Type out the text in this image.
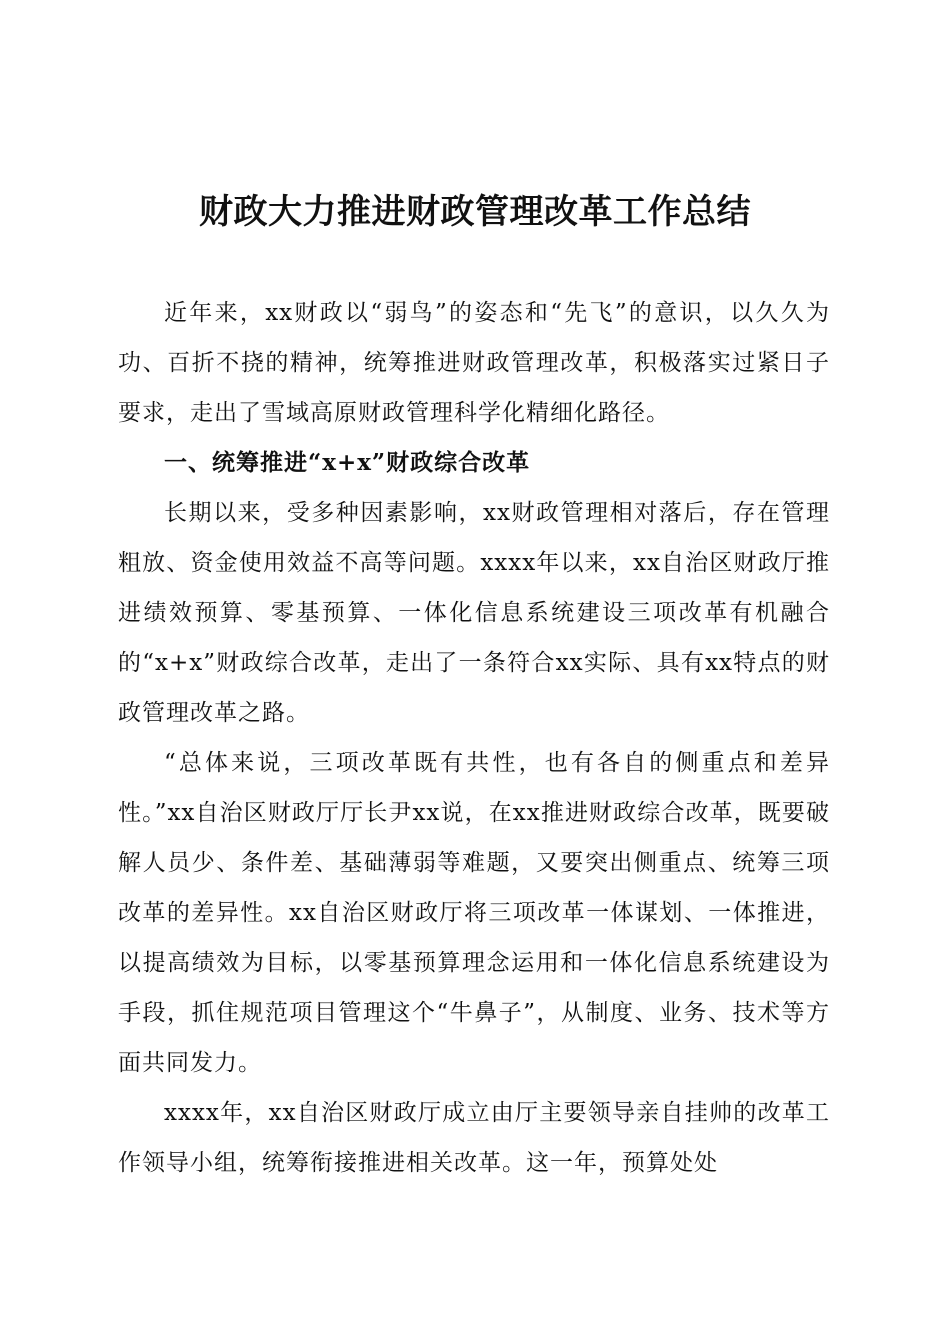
财政大力推进财政管理改革工作总结

近年来，xx财政以“弱鸟”的姿态和“先飞”的意识，以久久为功、百折不挠的精神，统筹推进财政管理改革，积极落实过紧日子要求，走出了雪域高原财政管理科学化精细化路径。

一、统筹推进“x+x”财政综合改革

长期以来，受多种因素影响，xx财政管理相对落后，存在管理粗放、资金使用效益不高等问题。xxxx年以来，xx自治区财政厅推进绩效预算、零基预算、一体化信息系统建设三项改革有机融合的“x+x”财政综合改革，走出了一条符合xx实际、具有xx特点的财政管理改革之路。

“总体来说，三项改革既有共性，也有各自的侧重点和差异性。”xx自治区财政厅厅长尹xx说，在xx推进财政综合改革，既要破解人员少、条件差、基础薄弱等难题，又要突出侧重点、统筹三项改革的差异性。xx自治区财政厅将三项改革一体谋划、一体推进，以提高绩效为目标，以零基预算理念运用和一体化信息系统建设为手段，抓住规范项目管理这个“牛鼻子”，从制度、业务、技术等方面共同发力。

xxxx年，xx自治区财政厅成立由厅主要领导亲自挂帅的改革工作领导小组，统筹衔接推进相关改革。这一年，预算处处
